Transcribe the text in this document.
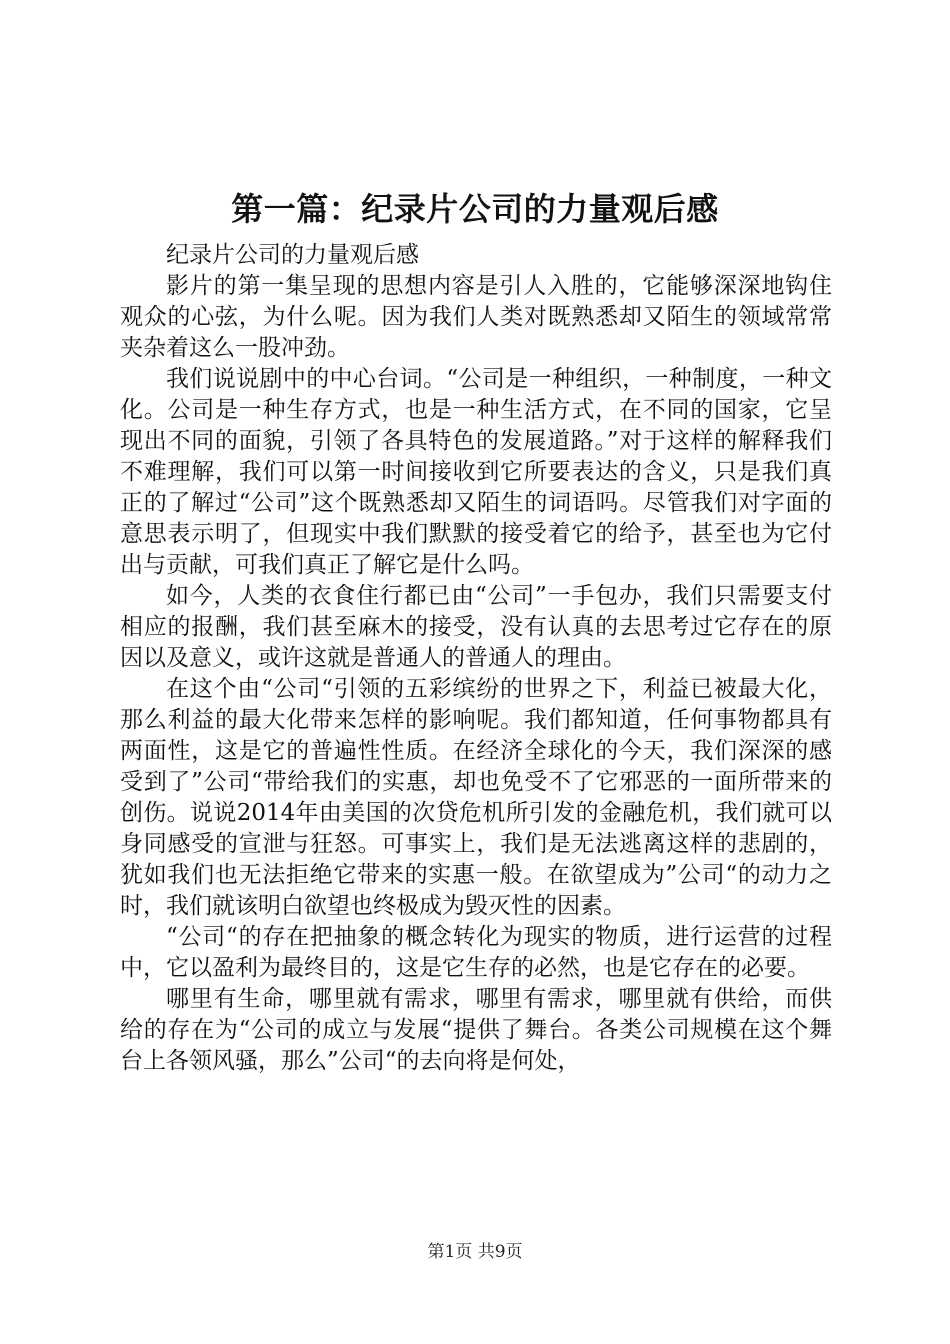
第一篇：纪录片公司的力量观后感

纪录片公司的力量观后感

影片的第一集呈现的思想内容是引人入胜的，它能够深深地钩住观众的心弦，为什么呢。因为我们人类对既熟悉却又陌生的领域常常夹杂着这么一股冲劲。

我们说说剧中的中心台词。“公司是一种组织，一种制度，一种文化。公司是一种生存方式，也是一种生活方式，在不同的国家，它呈现出不同的面貌，引领了各具特色的发展道路。”对于这样的解释我们不难理解，我们可以第一时间接收到它所要表达的含义，只是我们真正的了解过“公司”这个既熟悉却又陌生的词语吗。尽管我们对字面的意思表示明了，但现实中我们默默的接受着它的给予，甚至也为它付出与贡献，可我们真正了解它是什么吗。

如今，人类的衣食住行都已由“公司”一手包办，我们只需要支付相应的报酬，我们甚至麻木的接受，没有认真的去思考过它存在的原因以及意义，或许这就是普通人的普通人的理由。

在这个由“公司“引领的五彩缤纷的世界之下，利益已被最大化，那么利益的最大化带来怎样的影响呢。我们都知道，任何事物都具有两面性，这是它的普遍性性质。在经济全球化的今天，我们深深的感受到了”公司“带给我们的实惠，却也免受不了它邪恶的一面所带来的创伤。说说2014年由美国的次贷危机所引发的金融危机，我们就可以身同感受的宣泄与狂怒。可事实上，我们是无法逃离这样的悲剧的，犹如我们也无法拒绝它带来的实惠一般。在欲望成为”公司“的动力之时，我们就该明白欲望也终极成为毁灭性的因素。

“公司“的存在把抽象的概念转化为现实的物质，进行运营的过程中，它以盈利为最终目的，这是它生存的必然，也是它存在的必要。

哪里有生命，哪里就有需求，哪里有需求，哪里就有供给，而供给的存在为“公司的成立与发展“提供了舞台。各类公司规模在这个舞台上各领风骚，那么”公司“的去向将是何处，

第1页 共9页
